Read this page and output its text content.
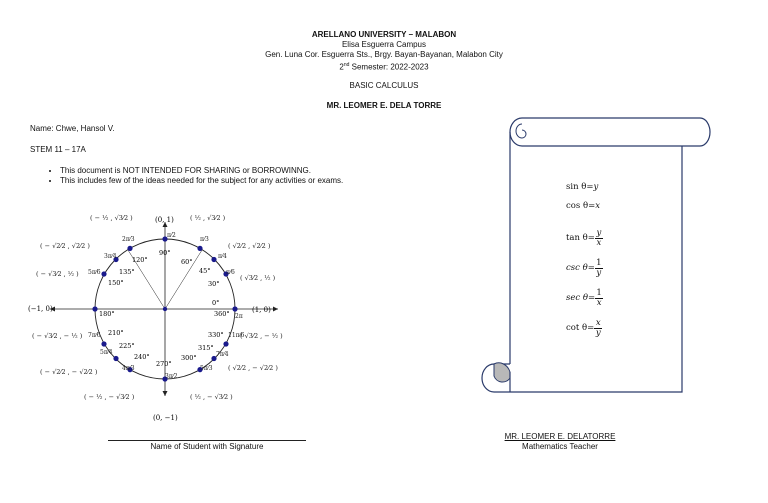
ARELLANO UNIVERSITY – MALABON
Elisa Esguerra Campus
Gen. Luna Cor. Esguerra Sts., Brgy. Bayan-Bayanan, Malabon City
2nd Semester: 2022-2023
BASIC CALCULUS
MR. LEOMER E. DELA TORRE
Name: Chwe, Hansol V.
STEM 11 – 17A
• This document is NOT INTENDED FOR SHARING or BORROWINNG.
• This includes few of the ideas needed for the subject for any activities or exams.
(0, 1)
(−1, 0)	(1, 0)
(0, −1)
0°
30°
45°
60°
90°
120°
135°
150°
180°
210°
225°
240°
270°
300°
315°
330°
360°
( − ½ , √3⁄2 )	( ½ , √3⁄2 )
( − √2⁄2 , √2⁄2 )	( √2⁄2 , √2⁄2 )
( − √3⁄2 , ½ )	( √3⁄2 , ½ )
( − √3⁄2 , − ½ )	( √3⁄2 , − ½ )
( − √2⁄2 , − √2⁄2 )	( √2⁄2 , − √2⁄2 )
( − ½ , − √3⁄2 )	( ½ , − √3⁄2 )
π⁄2
π⁄3
π⁄4
π⁄6
2π
2π⁄3
3π⁄4
5π⁄6
7π⁄6
5π⁄4
4π⁄3
3π⁄2
5π⁄3
7π⁄4
11π⁄6
sin θ=y
cos θ=x
tan θ =
y
x
csc θ =
1
y
sec θ =
1
x
cot θ =
x
y
Name of Student with Signature
MR. LEOMER E. DELATORRE
Mathematics Teacher
